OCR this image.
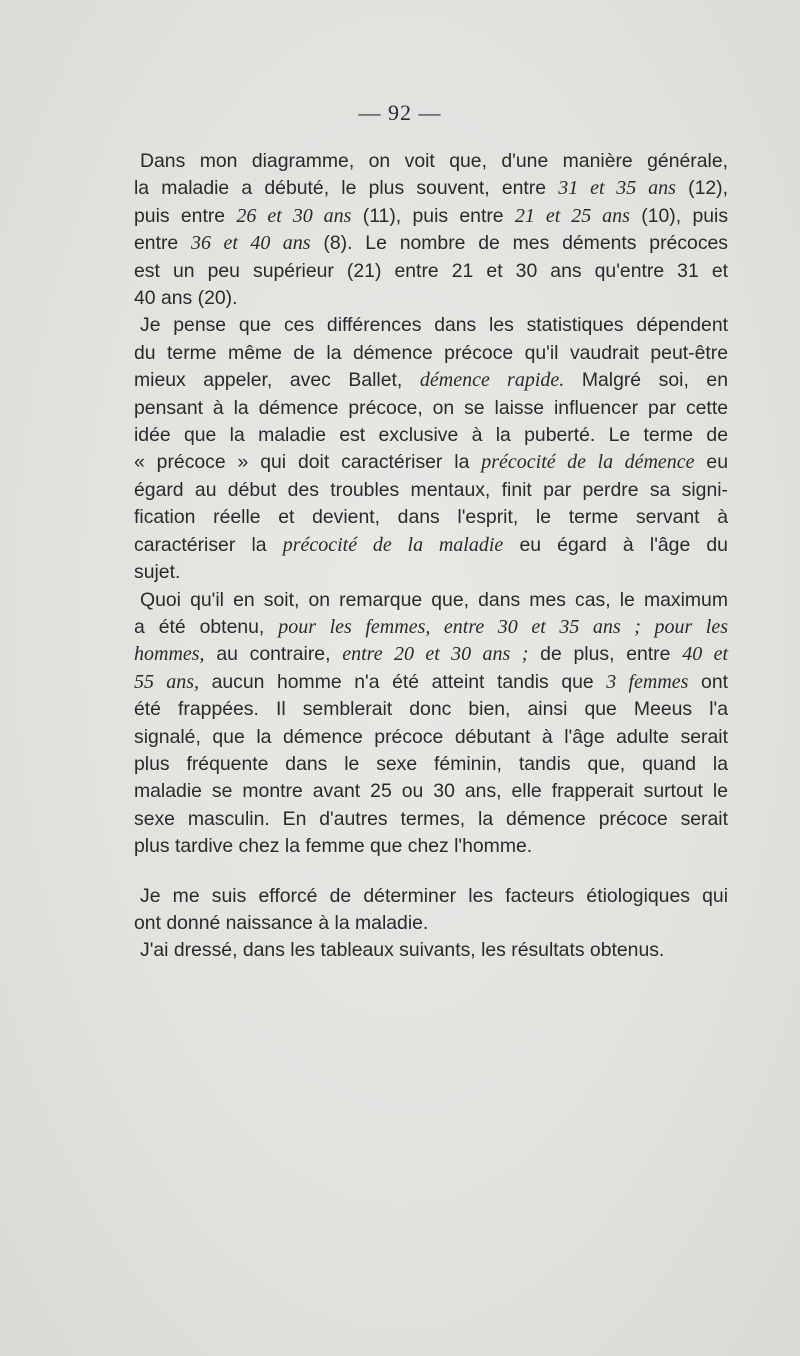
— 92 —
Dans mon diagramme, on voit que, d'une manière générale,
la maladie a débuté, le plus souvent, entre 31 et 35 ans (12),
puis entre 26 et 30 ans (11), puis entre 21 et 25 ans (10), puis
entre 36 et 40 ans (8). Le nombre de mes déments précoces
est un peu supérieur (21) entre 21 et 30 ans qu'entre 31 et
40 ans (20).
Je pense que ces différences dans les statistiques dépendent
du terme même de la démence précoce qu'il vaudrait peut-être
mieux appeler, avec Ballet, démence rapide. Malgré soi, en
pensant à la démence précoce, on se laisse influencer par cette
idée que la maladie est exclusive à la puberté. Le terme de
« précoce » qui doit caractériser la précocité de la démence eu
égard au début des troubles mentaux, finit par perdre sa signi-
fication réelle et devient, dans l'esprit, le terme servant à
caractériser la précocité de la maladie eu égard à l'âge du
sujet.
Quoi qu'il en soit, on remarque que, dans mes cas, le maximum
a été obtenu, pour les femmes, entre 30 et 35 ans ; pour les
hommes, au contraire, entre 20 et 30 ans ; de plus, entre 40 et
55 ans, aucun homme n'a été atteint tandis que 3 femmes ont
été frappées. Il semblerait donc bien, ainsi que Meeus l'a
signalé, que la démence précoce débutant à l'âge adulte serait
plus fréquente dans le sexe féminin, tandis que, quand la
maladie se montre avant 25 ou 30 ans, elle frapperait surtout le
sexe masculin. En d'autres termes, la démence précoce serait
plus tardive chez la femme que chez l'homme.
Je me suis efforcé de déterminer les facteurs étiologiques qui
ont donné naissance à la maladie.
J'ai dressé, dans les tableaux suivants, les résultats obtenus.
